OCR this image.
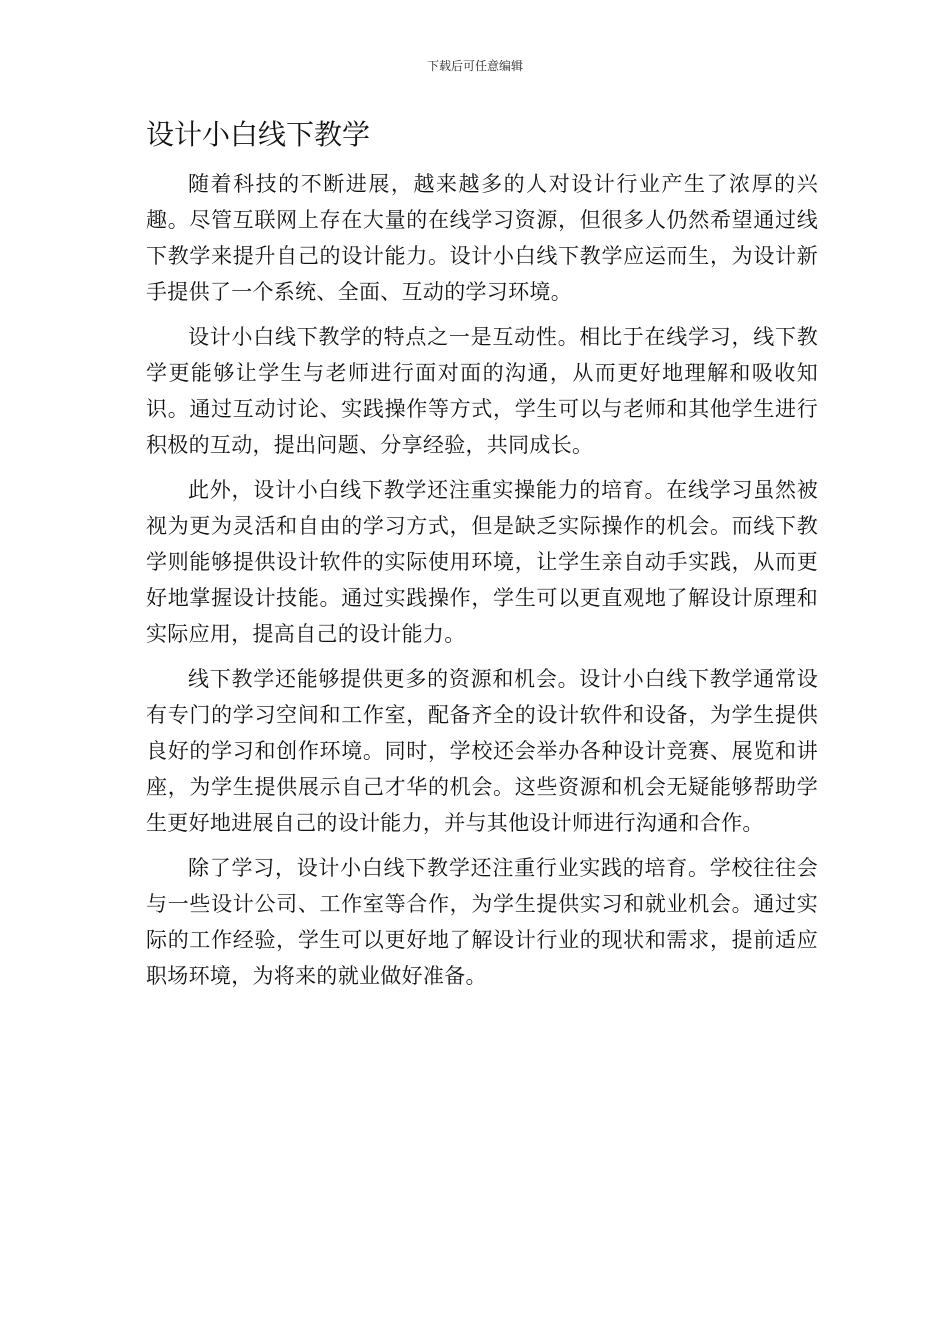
下载后可任意编辑
设计小白线下教学

随着科技的不断进展，越来越多的人对设计行业产生了浓厚的兴趣。尽管互联网上存在大量的在线学习资源，但很多人仍然希望通过线下教学来提升自己的设计能力。设计小白线下教学应运而生，为设计新手提供了一个系统、全面、互动的学习环境。

设计小白线下教学的特点之一是互动性。相比于在线学习，线下教学更能够让学生与老师进行面对面的沟通，从而更好地理解和吸收知识。通过互动讨论、实践操作等方式，学生可以与老师和其他学生进行积极的互动，提出问题、分享经验，共同成长。

此外，设计小白线下教学还注重实操能力的培育。在线学习虽然被视为更为灵活和自由的学习方式，但是缺乏实际操作的机会。而线下教学则能够提供设计软件的实际使用环境，让学生亲自动手实践，从而更好地掌握设计技能。通过实践操作，学生可以更直观地了解设计原理和实际应用，提高自己的设计能力。

线下教学还能够提供更多的资源和机会。设计小白线下教学通常设有专门的学习空间和工作室，配备齐全的设计软件和设备，为学生提供良好的学习和创作环境。同时，学校还会举办各种设计竞赛、展览和讲座，为学生提供展示自己才华的机会。这些资源和机会无疑能够帮助学生更好地进展自己的设计能力，并与其他设计师进行沟通和合作。

除了学习，设计小白线下教学还注重行业实践的培育。学校往往会与一些设计公司、工作室等合作，为学生提供实习和就业机会。通过实际的工作经验，学生可以更好地了解设计行业的现状和需求，提前适应职场环境，为将来的就业做好准备。
